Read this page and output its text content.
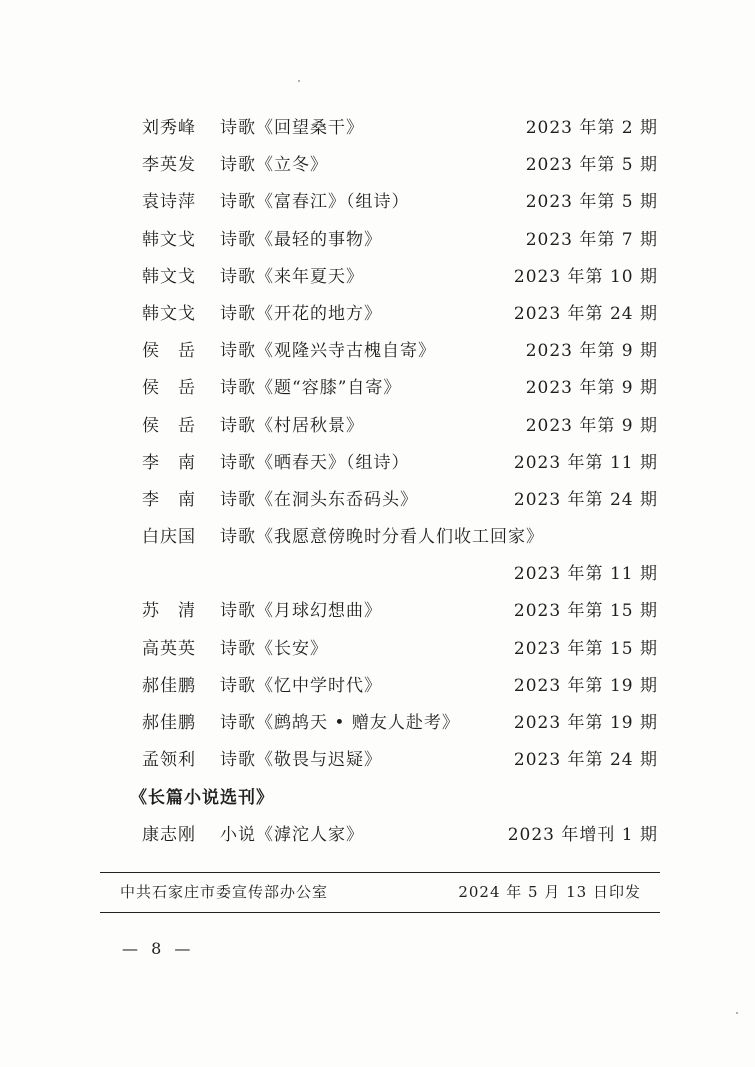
刘秀峰 诗歌《回望桑干》	2023 年第 2 期
李英发 诗歌《立冬》	2023 年第 5 期
袁诗萍 诗歌《富春江》（组诗）	2023 年第 5 期
韩文戈 诗歌《最轻的事物》	2023 年第 7 期
韩文戈 诗歌《来年夏天》	2023 年第 10 期
韩文戈 诗歌《开花的地方》	2023 年第 24 期
侯岳 诗歌《观隆兴寺古槐自寄》	2023 年第 9 期
侯岳 诗歌《题“容膝”自寄》	2023 年第 9 期
侯岳 诗歌《村居秋景》	2023 年第 9 期
李南 诗歌《晒春天》（组诗）	2023 年第 11 期
李南 诗歌《在洞头东岙码头》	2023 年第 24 期
白庆国 诗歌《我愿意傍晚时分看人们收工回家》
2023 年第 11 期
苏清 诗歌《月球幻想曲》	2023 年第 15 期
高英英 诗歌《长安》	2023 年第 15 期
郝佳鹏 诗歌《忆中学时代》	2023 年第 19 期
郝佳鹏 诗歌《鹧鸪天 • 赠友人赴考》	2023 年第 19 期
孟领利 诗歌《敬畏与迟疑》	2023 年第 24 期
《长篇小说选刊》
康志刚 小说《滹沱人家》	2023 年增刊 1 期
中共石家庄市委宣传部办公室	2024 年 5 月 13 日印发
— 8 —
